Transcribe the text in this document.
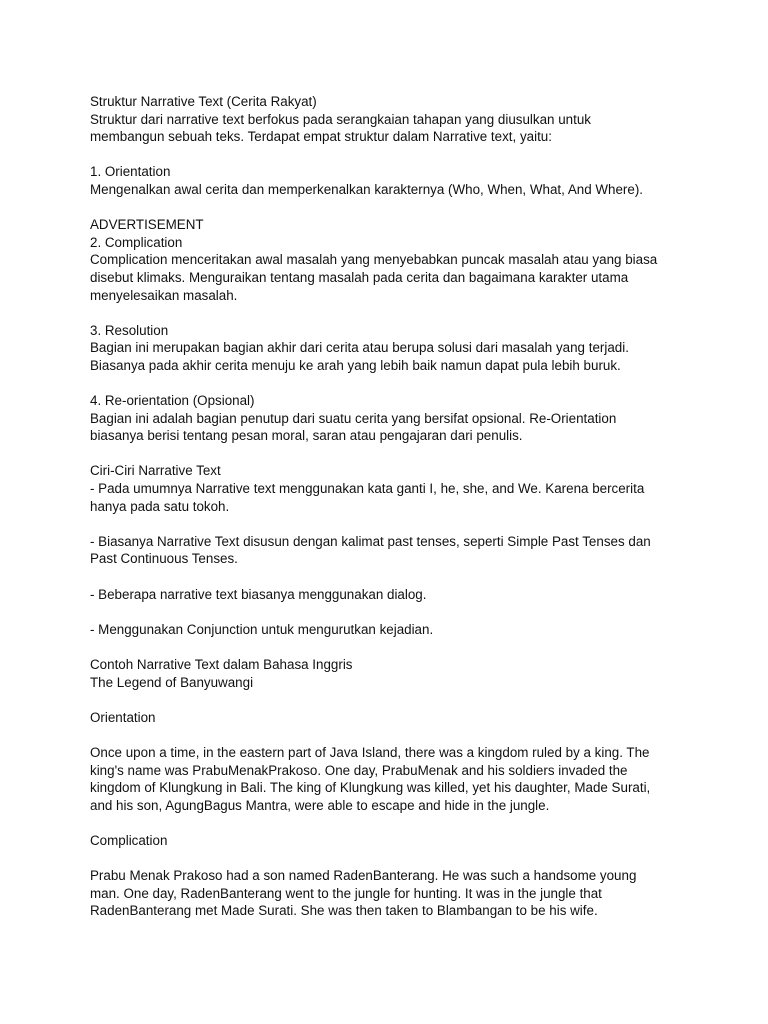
Struktur Narrative Text (Cerita Rakyat)
Struktur dari narrative text berfokus pada serangkaian tahapan yang diusulkan untuk
membangun sebuah teks. Terdapat empat struktur dalam Narrative text, yaitu:
1. Orientation
Mengenalkan awal cerita dan memperkenalkan karakternya (Who, When, What, And Where).
ADVERTISEMENT
2. Complication
Complication menceritakan awal masalah yang menyebabkan puncak masalah atau yang biasa
disebut klimaks. Menguraikan tentang masalah pada cerita dan bagaimana karakter utama
menyelesaikan masalah.
3. Resolution
Bagian ini merupakan bagian akhir dari cerita atau berupa solusi dari masalah yang terjadi.
Biasanya pada akhir cerita menuju ke arah yang lebih baik namun dapat pula lebih buruk.
4. Re-orientation (Opsional)
Bagian ini adalah bagian penutup dari suatu cerita yang bersifat opsional. Re-Orientation
biasanya berisi tentang pesan moral, saran atau pengajaran dari penulis.
Ciri-Ciri Narrative Text
- Pada umumnya Narrative text menggunakan kata ganti I, he, she, and We. Karena bercerita
hanya pada satu tokoh.
- Biasanya Narrative Text disusun dengan kalimat past tenses, seperti Simple Past Tenses dan
Past Continuous Tenses.
- Beberapa narrative text biasanya menggunakan dialog.
- Menggunakan Conjunction untuk mengurutkan kejadian.
Contoh Narrative Text dalam Bahasa Inggris
The Legend of Banyuwangi
Orientation
Once upon a time, in the eastern part of Java Island, there was a kingdom ruled by a king. The
king's name was PrabuMenakPrakoso. One day, PrabuMenak and his soldiers invaded the
kingdom of Klungkung in Bali. The king of Klungkung was killed, yet his daughter, Made Surati,
and his son, AgungBagus Mantra, were able to escape and hide in the jungle.
Complication
Prabu Menak Prakoso had a son named RadenBanterang. He was such a handsome young
man. One day, RadenBanterang went to the jungle for hunting. It was in the jungle that
RadenBanterang met Made Surati. She was then taken to Blambangan to be his wife.
